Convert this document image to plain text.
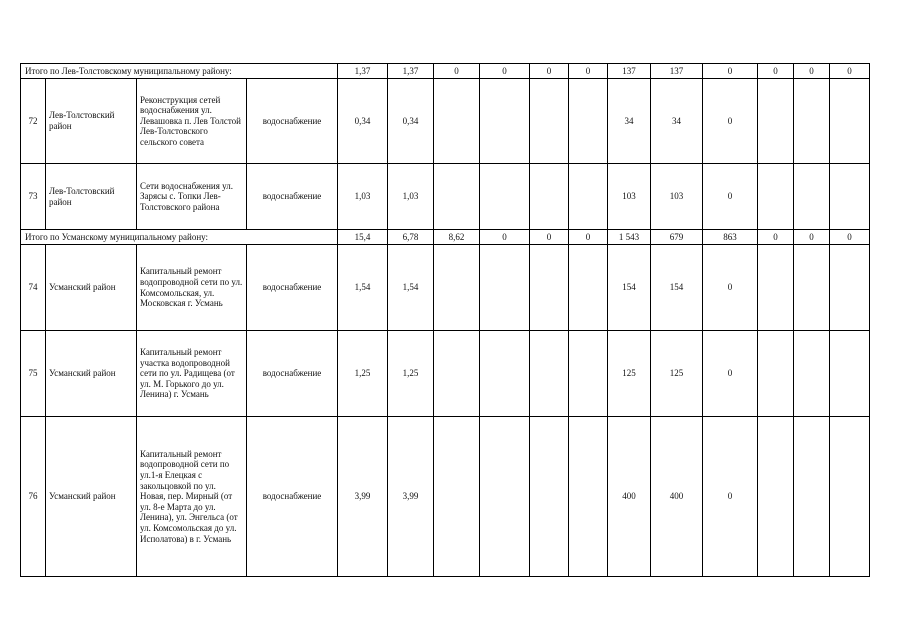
Итого по Лев-Толстовскому муниципальному району:				1,37	1,37	0	0	0	0	137	137	0	0	0	0
72	Лев-Толстовский район	Реконструкция сетей водоснабжения ул. Левашовка п. Лев Толстой Лев-Толстовского сельского совета	водоснабжение	0,34	0,34					34	34	0			
73	Лев-Толстовский район	Сети водоснабжения ул. Зарясы с. Топки Лев-Толстовского района	водоснабжение	1,03	1,03					103	103	0			
Итого по Усманскому муниципальному району:				15,4	6,78	8,62	0	0	0	1 543	679	863	0	0	0
74	Усманский район	Капитальный ремонт водопроводной сети по ул. Комсомольская, ул. Московская г. Усмань	водоснабжение	1,54	1,54					154	154	0			
75	Усманский район	Капитальный ремонт участка водопроводной сети по ул. Радищева (от ул. М. Горького до ул. Ленина) г. Усмань	водоснабжение	1,25	1,25					125	125	0			
76	Усманский район	Капитальный ремонт водопроводной сети по ул.1-я Елецкая с закольцовкой по ул. Новая, пер. Мирный (от ул. 8-е Марта до ул. Ленина), ул. Энгельса (от ул. Комсомольская до ул. Исполатова) в г. Усмань	водоснабжение	3,99	3,99					400	400	0			
